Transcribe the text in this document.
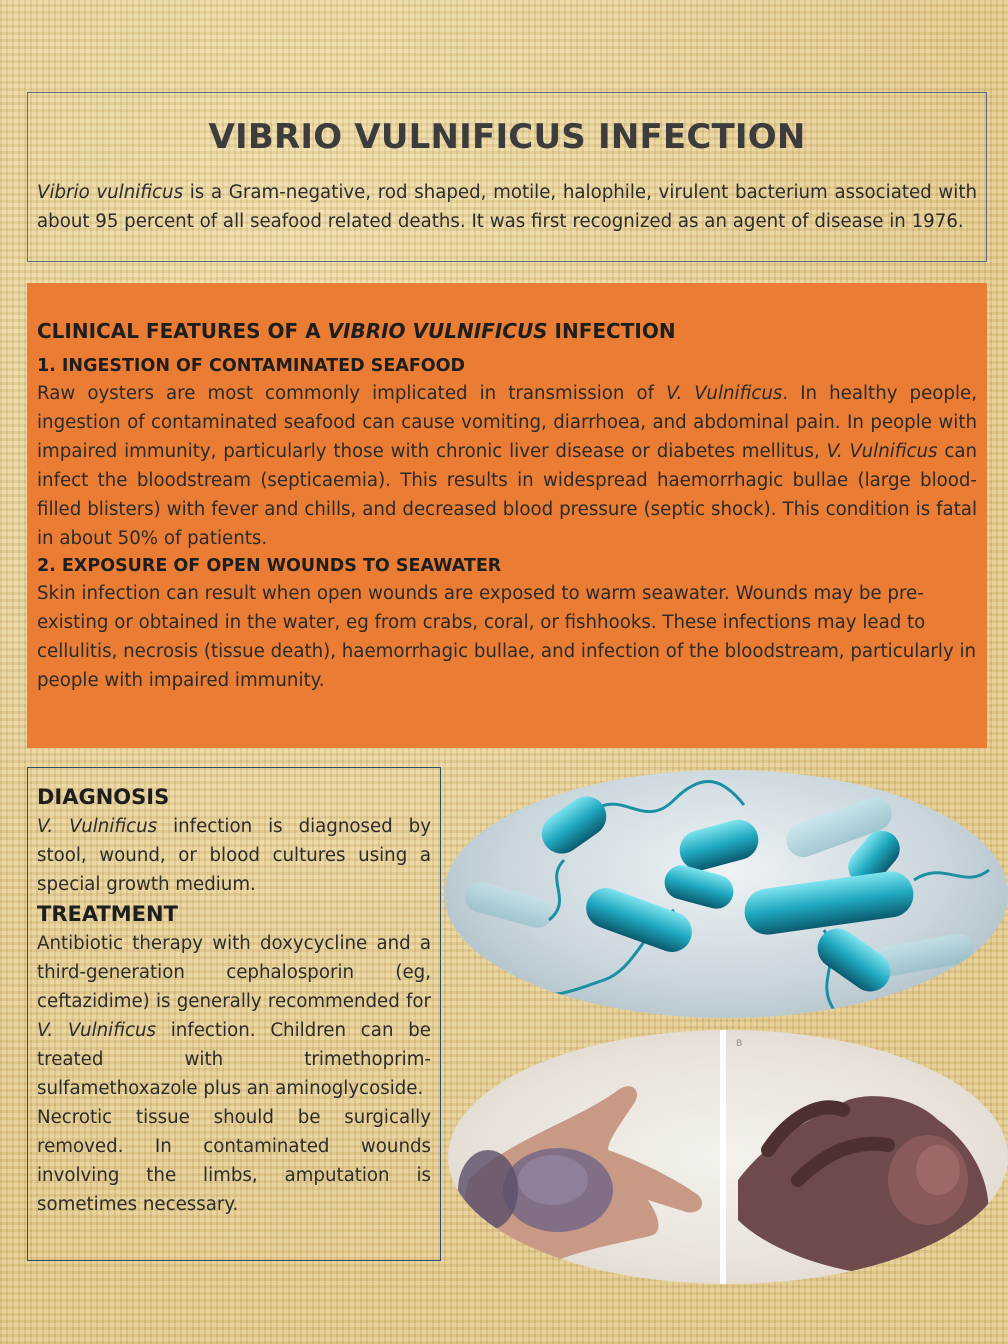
VIBRIO VULNIFICUS INFECTION
Vibrio vulnificus is a Gram-negative, rod shaped, motile, halophile, virulent bacterium associated with about 95 percent of all seafood related deaths. It was first recognized as an agent of disease in 1976.
CLINICAL FEATURES OF A VIBRIO VULNIFICUS INFECTION
1. INGESTION OF CONTAMINATED SEAFOOD

Raw oysters are most commonly implicated in transmission of V. Vulnificus. In healthy people, ingestion of contaminated seafood can cause vomiting, diarrhoea, and abdominal pain. In people with impaired immunity, particularly those with chronic liver disease or diabetes mellitus, V. Vulnificus can infect the bloodstream (septicaemia). This results in widespread haemorrhagic bullae (large blood-filled blisters) with fever and chills, and decreased blood pressure (septic shock). This condition is fatal in about 50% of patients.

2. EXPOSURE OF OPEN WOUNDS TO SEAWATER

Skin infection can result when open wounds are exposed to warm seawater. Wounds may be pre-existing or obtained in the water, eg from crabs, coral, or fishhooks. These infections may lead to cellulitis, necrosis (tissue death), haemorrhagic bullae, and infection of the bloodstream, particularly in people with impaired immunity.

DIAGNOSIS

V. Vulnificus infection is diagnosed by stool, wound, or blood cultures using a special growth medium.

TREATMENT

Antibiotic therapy with doxycycline and a third-generation cephalosporin (eg, ceftazidime) is generally recommended for V. Vulnificus infection. Children can be treated with trimethoprim-sulfamethoxazole plus an aminoglycoside.

Necrotic tissue should be surgically removed. In contaminated wounds involving the limbs, amputation is sometimes necessary.

B
